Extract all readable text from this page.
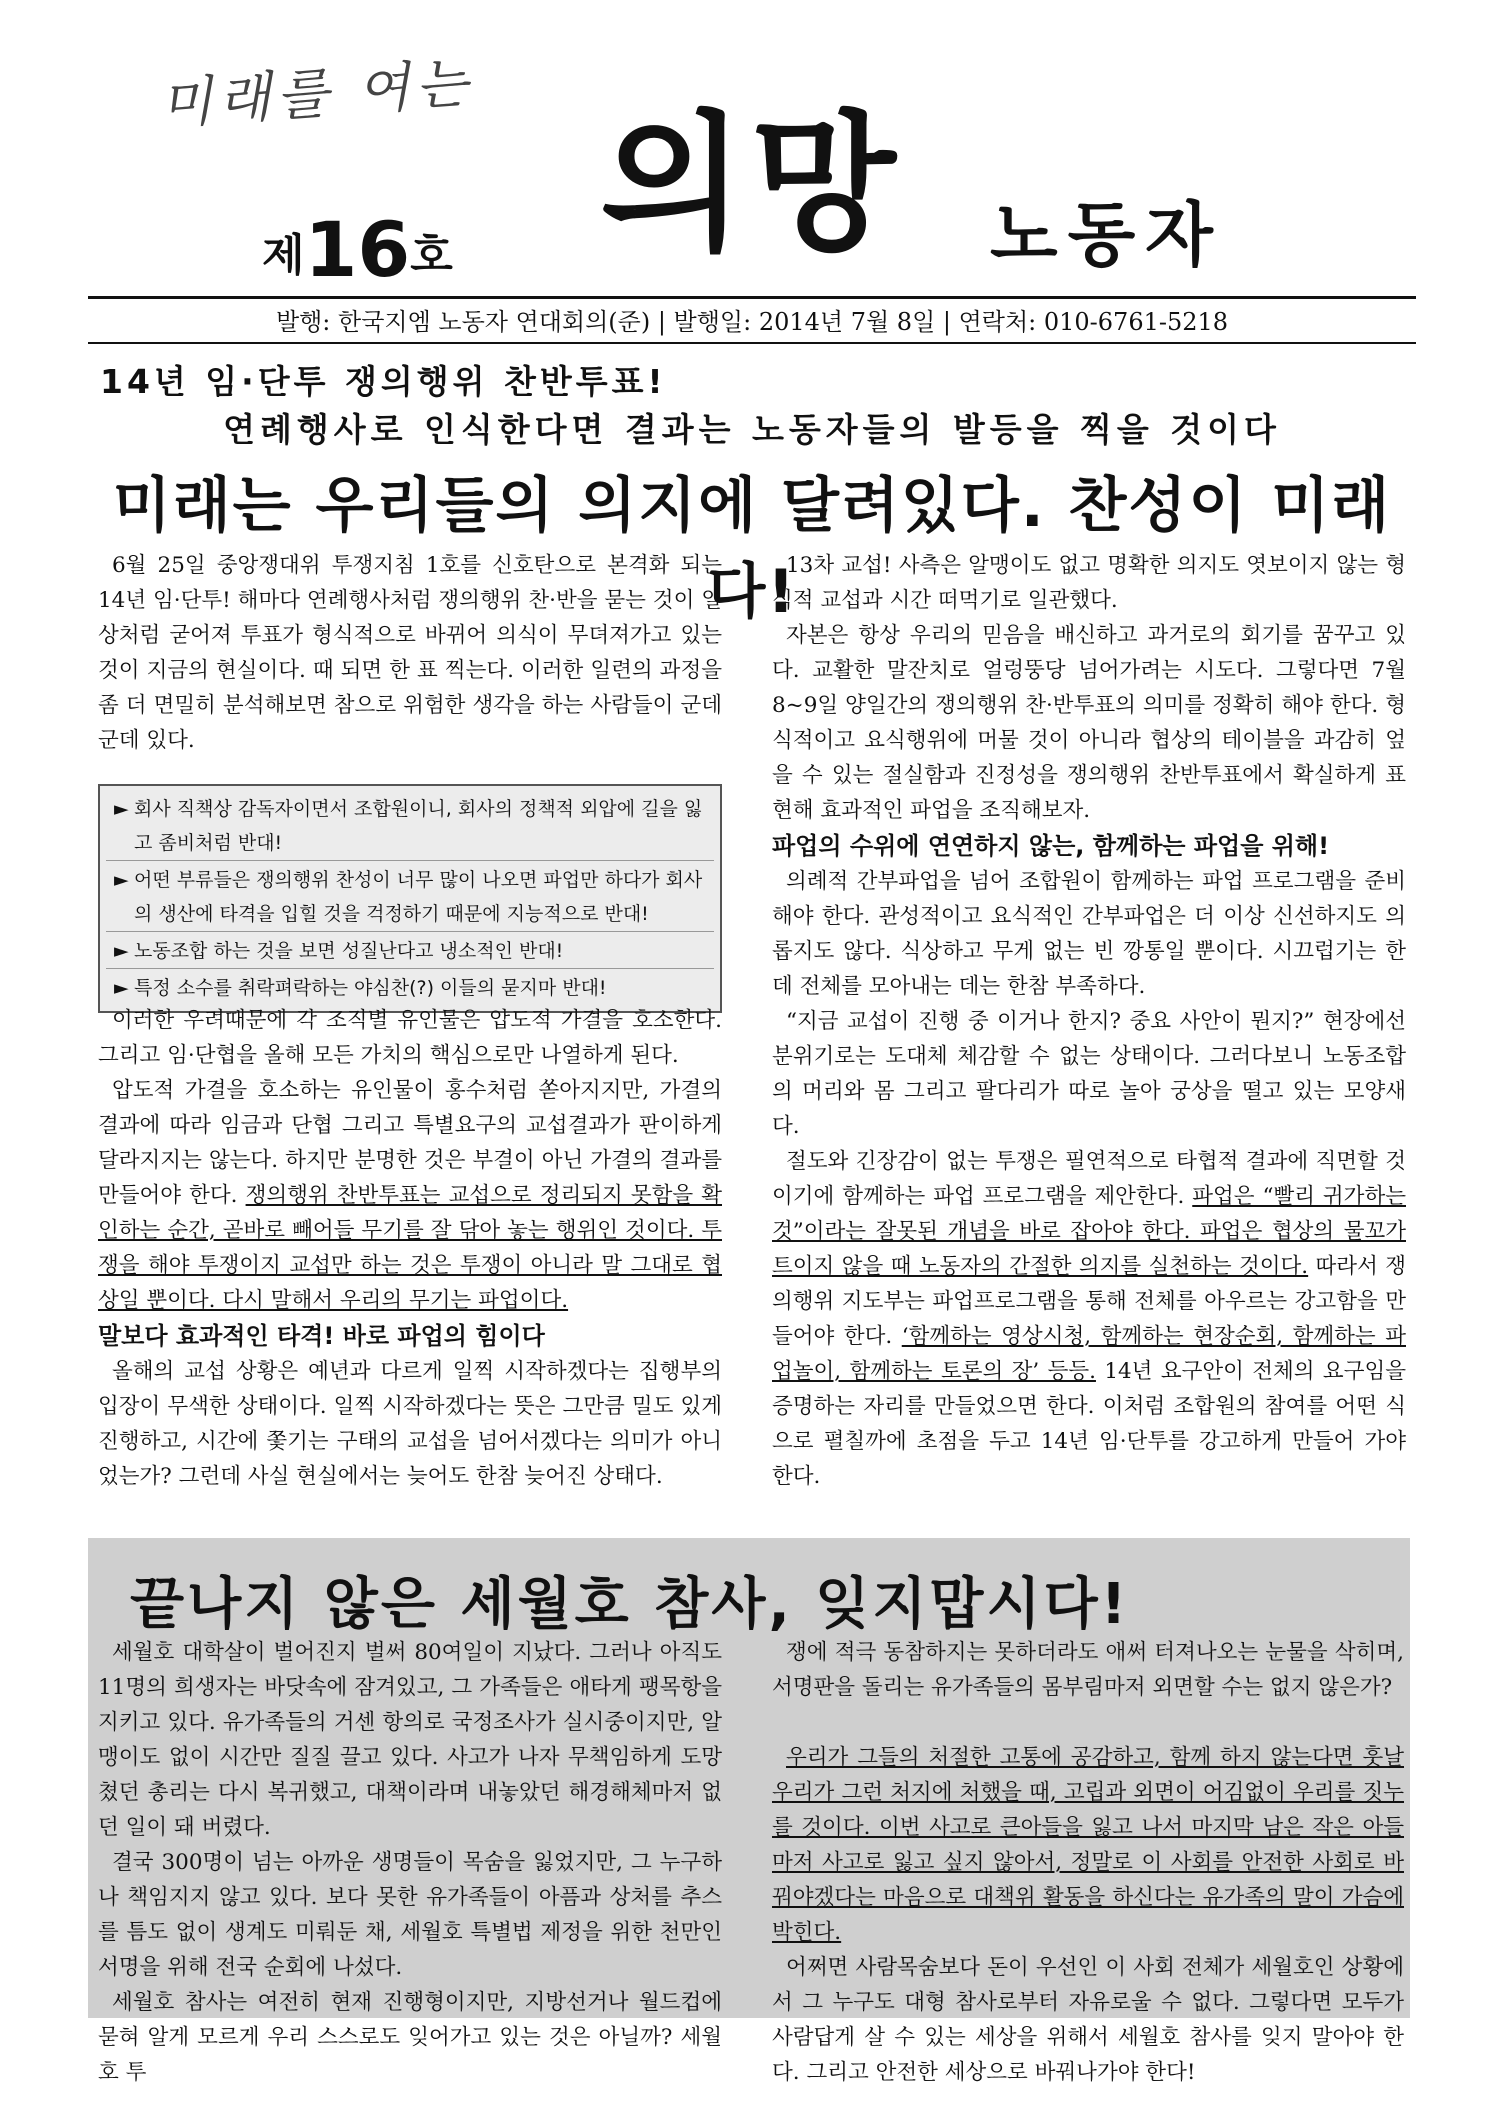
미래를 여는
제16호 의망 노동자
발행: 한국지엠 노동자 연대회의(준) | 발행일: 2014년 7월 8일 | 연락처: 010-6761-5218
14년 임·단투 쟁의행위 찬반투표!
연례행사로 인식한다면 결과는 노동자들의 발등을 찍을 것이다
미래는 우리들의 의지에 달려있다. 찬성이 미래다!

6월 25일 중앙쟁대위 투쟁지침 1호를 신호탄으로 본격화 되는 14년 임·단투! 해마다 연례행사처럼 쟁의행위 찬·반을 묻는 것이 일상처럼 굳어져 투표가 형식적으로 바뀌어 의식이 무뎌져가고 있는 것이 지금의 현실이다. 때 되면 한 표 찍는다. 이러한 일련의 과정을 좀 더 면밀히 분석해보면 참으로 위험한 생각을 하는 사람들이 군데군데 있다.

► 회사 직책상 감독자이면서 조합원이니, 회사의 정책적 외압에 길을 잃고 좀비처럼 반대!
► 어떤 부류들은 쟁의행위 찬성이 너무 많이 나오면 파업만 하다가 회사의 생산에 타격을 입힐 것을 걱정하기 때문에 지능적으로 반대!
► 노동조합 하는 것을 보면 성질난다고 냉소적인 반대!
► 특정 소수를 취락펴락하는 야심찬(?) 이들의 묻지마 반대!

이러한 우려때문에 각 조직별 유인물은 압도적 가결을 호소한다. 그리고 임·단협을 올해 모든 가치의 핵심으로만 나열하게 된다.

압도적 가결을 호소하는 유인물이 홍수처럼 쏟아지지만, 가결의 결과에 따라 임금과 단협 그리고 특별요구의 교섭결과가 판이하게 달라지지는 않는다. 하지만 분명한 것은 부결이 아닌 가결의 결과를 만들어야 한다. 쟁의행위 찬반투표는 교섭으로 정리되지 못함을 확인하는 순간, 곧바로 빼어들 무기를 잘 닦아 놓는 행위인 것이다. 투쟁을 해야 투쟁이지 교섭만 하는 것은 투쟁이 아니라 말 그대로 협상일 뿐이다. 다시 말해서 우리의 무기는 파업이다.

말보다 효과적인 타격! 바로 파업의 힘이다

올해의 교섭 상황은 예년과 다르게 일찍 시작하겠다는 집행부의 입장이 무색한 상태이다. 일찍 시작하겠다는 뜻은 그만큼 밀도 있게 진행하고, 시간에 쫓기는 구태의 교섭을 넘어서겠다는 의미가 아니었는가? 그런데 사실 현실에서는 늦어도 한참 늦어진 상태다.

13차 교섭! 사측은 알맹이도 없고 명확한 의지도 엿보이지 않는 형식적 교섭과 시간 떠먹기로 일관했다.

자본은 항상 우리의 믿음을 배신하고 과거로의 회기를 꿈꾸고 있다. 교활한 말잔치로 얼렁뚱당 넘어가려는 시도다. 그렇다면 7월 8~9일 양일간의 쟁의행위 찬·반투표의 의미를 정확히 해야 한다. 형식적이고 요식행위에 머물 것이 아니라 협상의 테이블을 과감히 엎을 수 있는 절실함과 진정성을 쟁의행위 찬반투표에서 확실하게 표현해 효과적인 파업을 조직해보자.

파업의 수위에 연연하지 않는, 함께하는 파업을 위해!

의례적 간부파업을 넘어 조합원이 함께하는 파업 프로그램을 준비해야 한다. 관성적이고 요식적인 간부파업은 더 이상 신선하지도 의롭지도 않다. 식상하고 무게 없는 빈 깡통일 뿐이다. 시끄럽기는 한데 전체를 모아내는 데는 한참 부족하다.

“지금 교섭이 진행 중 이거나 한지? 중요 사안이 뭔지?” 현장에선 분위기로는 도대체 체감할 수 없는 상태이다. 그러다보니 노동조합의 머리와 몸 그리고 팔다리가 따로 놀아 궁상을 떨고 있는 모양새다.

절도와 긴장감이 없는 투쟁은 필연적으로 타협적 결과에 직면할 것이기에 함께하는 파업 프로그램을 제안한다. 파업은 “빨리 귀가하는 것”이라는 잘못된 개념을 바로 잡아야 한다. 파업은 협상의 물꼬가 트이지 않을 때 노동자의 간절한 의지를 실천하는 것이다. 따라서 쟁의행위 지도부는 파업프로그램을 통해 전체를 아우르는 강고함을 만들어야 한다. ‘함께하는 영상시청, 함께하는 현장순회, 함께하는 파업놀이, 함께하는 토론의 장’ 등등. 14년 요구안이 전체의 요구임을 증명하는 자리를 만들었으면 한다. 이처럼 조합원의 참여를 어떤 식으로 펼칠까에 초점을 두고 14년 임·단투를 강고하게 만들어 가야 한다.

끝나지 않은 세월호 참사, 잊지맙시다!

세월호 대학살이 벌어진지 벌써 80여일이 지났다. 그러나 아직도 11명의 희생자는 바닷속에 잠겨있고, 그 가족들은 애타게 팽목항을 지키고 있다. 유가족들의 거센 항의로 국정조사가 실시중이지만, 알맹이도 없이 시간만 질질 끌고 있다. 사고가 나자 무책임하게 도망쳤던 총리는 다시 복귀했고, 대책이라며 내놓았던 해경해체마저 없던 일이 돼 버렸다.

결국 300명이 넘는 아까운 생명들이 목숨을 잃었지만, 그 누구하나 책임지지 않고 있다. 보다 못한 유가족들이 아픔과 상처를 추스를 틈도 없이 생계도 미뤄둔 채, 세월호 특별법 제정을 위한 천만인 서명을 위해 전국 순회에 나섰다.

세월호 참사는 여전히 현재 진행형이지만, 지방선거나 월드컵에 묻혀 알게 모르게 우리 스스로도 잊어가고 있는 것은 아닐까? 세월호 투

쟁에 적극 동참하지는 못하더라도 애써 터져나오는 눈물을 삭히며, 서명판을 돌리는 유가족들의 몸부림마저 외면할 수는 없지 않은가?

우리가 그들의 처절한 고통에 공감하고, 함께 하지 않는다면 훗날 우리가 그런 처지에 처했을 때, 고립과 외면이 어김없이 우리를 짓누를 것이다. 이번 사고로 큰아들을 잃고 나서 마지막 남은 작은 아들마저 사고로 잃고 싶지 않아서, 정말로 이 사회를 안전한 사회로 바꿔야겠다는 마음으로 대책위 활동을 하신다는 유가족의 말이 가슴에 박힌다.

어쩌면 사람목숨보다 돈이 우선인 이 사회 전체가 세월호인 상황에서 그 누구도 대형 참사로부터 자유로울 수 없다. 그렇다면 모두가 사람답게 살 수 있는 세상을 위해서 세월호 참사를 잊지 말아야 한다. 그리고 안전한 세상으로 바꿔나가야 한다!
